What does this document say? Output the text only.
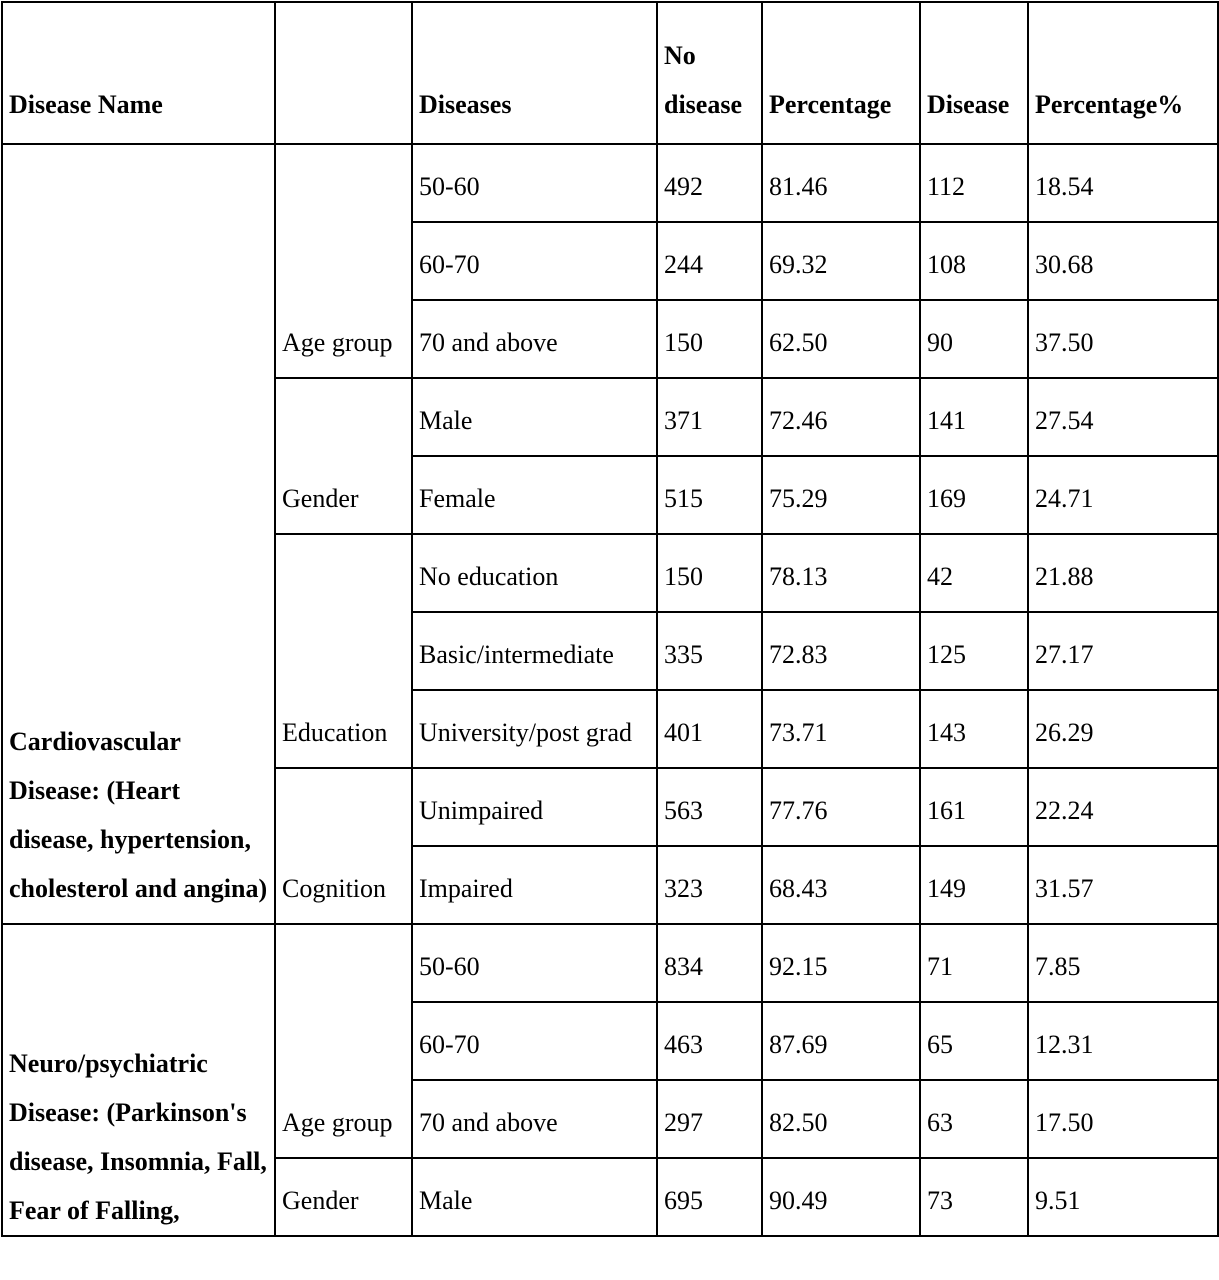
Disease Name		Diseases	No disease	Percentage	Disease	Percentage%
Cardiovascular Disease: (Heart disease, hypertension, cholesterol and angina)	Age group	50-60	492	81.46	112	18.54
		60-70	244	69.32	108	30.68
		70 and above	150	62.50	90	37.50
	Gender	Male	371	72.46	141	27.54
		Female	515	75.29	169	24.71
	Education	No education	150	78.13	42	21.88
		Basic/intermediate	335	72.83	125	27.17
		University/post grad	401	73.71	143	26.29
	Cognition	Unimpaired	563	77.76	161	22.24
		Impaired	323	68.43	149	31.57
Neuro/psychiatric Disease: (Parkinson's disease, Insomnia, Fall, Fear of Falling,	Age group	50-60	834	92.15	71	7.85
		60-70	463	87.69	65	12.31
		70 and above	297	82.50	63	17.50
	Gender	Male	695	90.49	73	9.51
